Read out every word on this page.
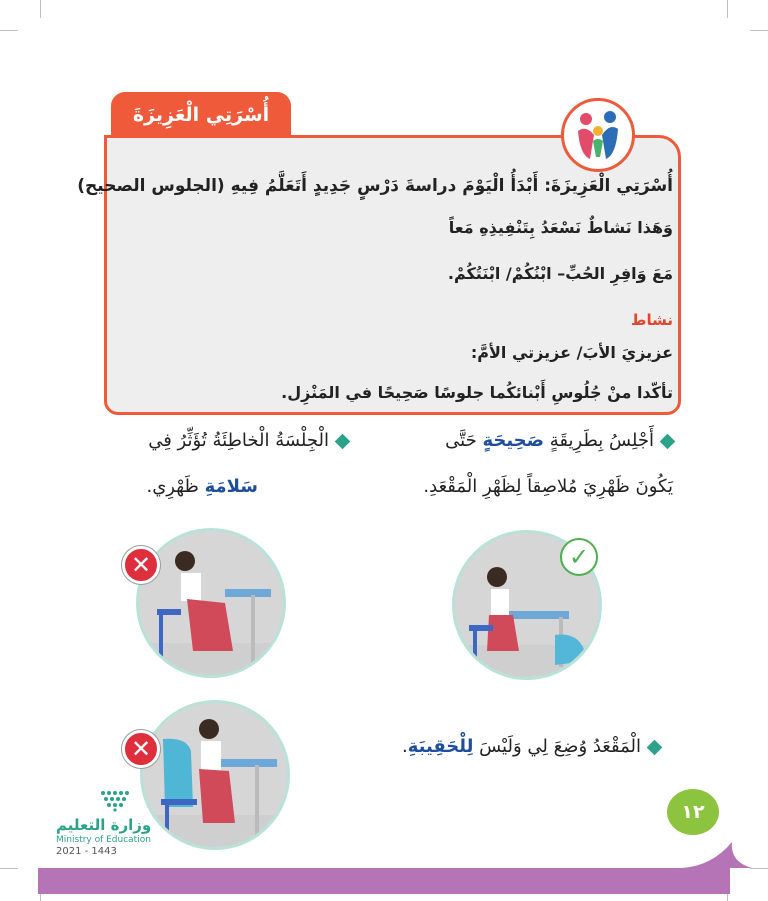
أُسْرَتِي الْعَزِيزَةَ
أُسْرَتِي الْعَزِيزَةَ: أَبْدَأُ الْيَوْمَ دراسةَ دَرْسٍ جَدِيدٍ أَتَعَلَّمُ فِيهِ (الجلوس الصحيح)
وَهَذا نَشاطٌ نَسْعَدُ بِتَنْفِيذِهِ مَعاً
مَعَ وَافِرِ الحُبِّ– ابْنُكُمْ/ ابْنَتُكُمْ.
نشاط
عزيزيَ الأبَ/ عزيزتي الأمَّ:
تأكّدا منْ جُلُوسِ أَبْنائكُما جلوسًا صَحِيحًا في المَنْزِل.
أَجْلِسُ بِطَرِيقَةٍ صَحِيحَةٍ حَتَّى
يَكُونَ ظَهْرِيَ مُلاصِقاً لِظَهْرِ الْمَقْعَدِ.
الْجِلْسَةُ الْخاطِئَةُ تُؤَثِّرُ فِي
سَلامَةِ ظَهْرِي.
✓
✕
الْمَقْعَدُ وُضِعَ لِي وَلَيْسَ لِلْحَقِيبَةِ.
✕
وزارة التعليم
Ministry of Education
2021 - 1443
١٢
